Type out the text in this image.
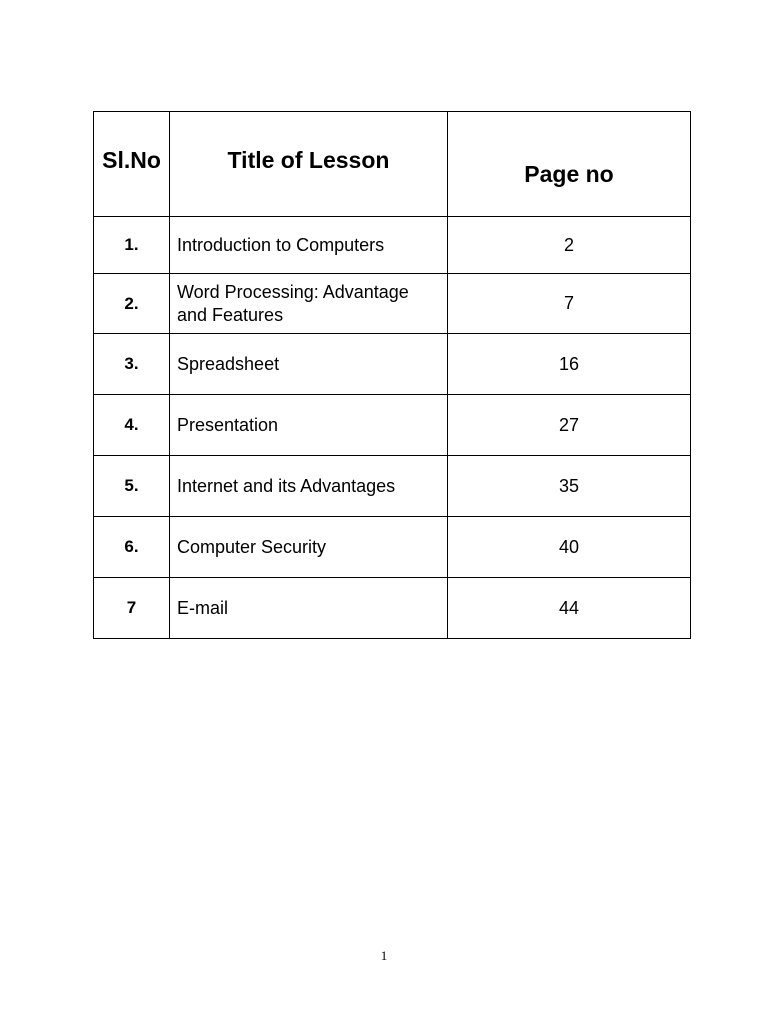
Sl.No	Title of Lesson	Page no

1.	Introduction to Computers	2
2.	Word Processing: Advantage and Features	7
3.	Spreadsheet	16
4.	Presentation	27
5.	Internet and its Advantages	35
6.	Computer Security	40
7	E-mail	44
1
